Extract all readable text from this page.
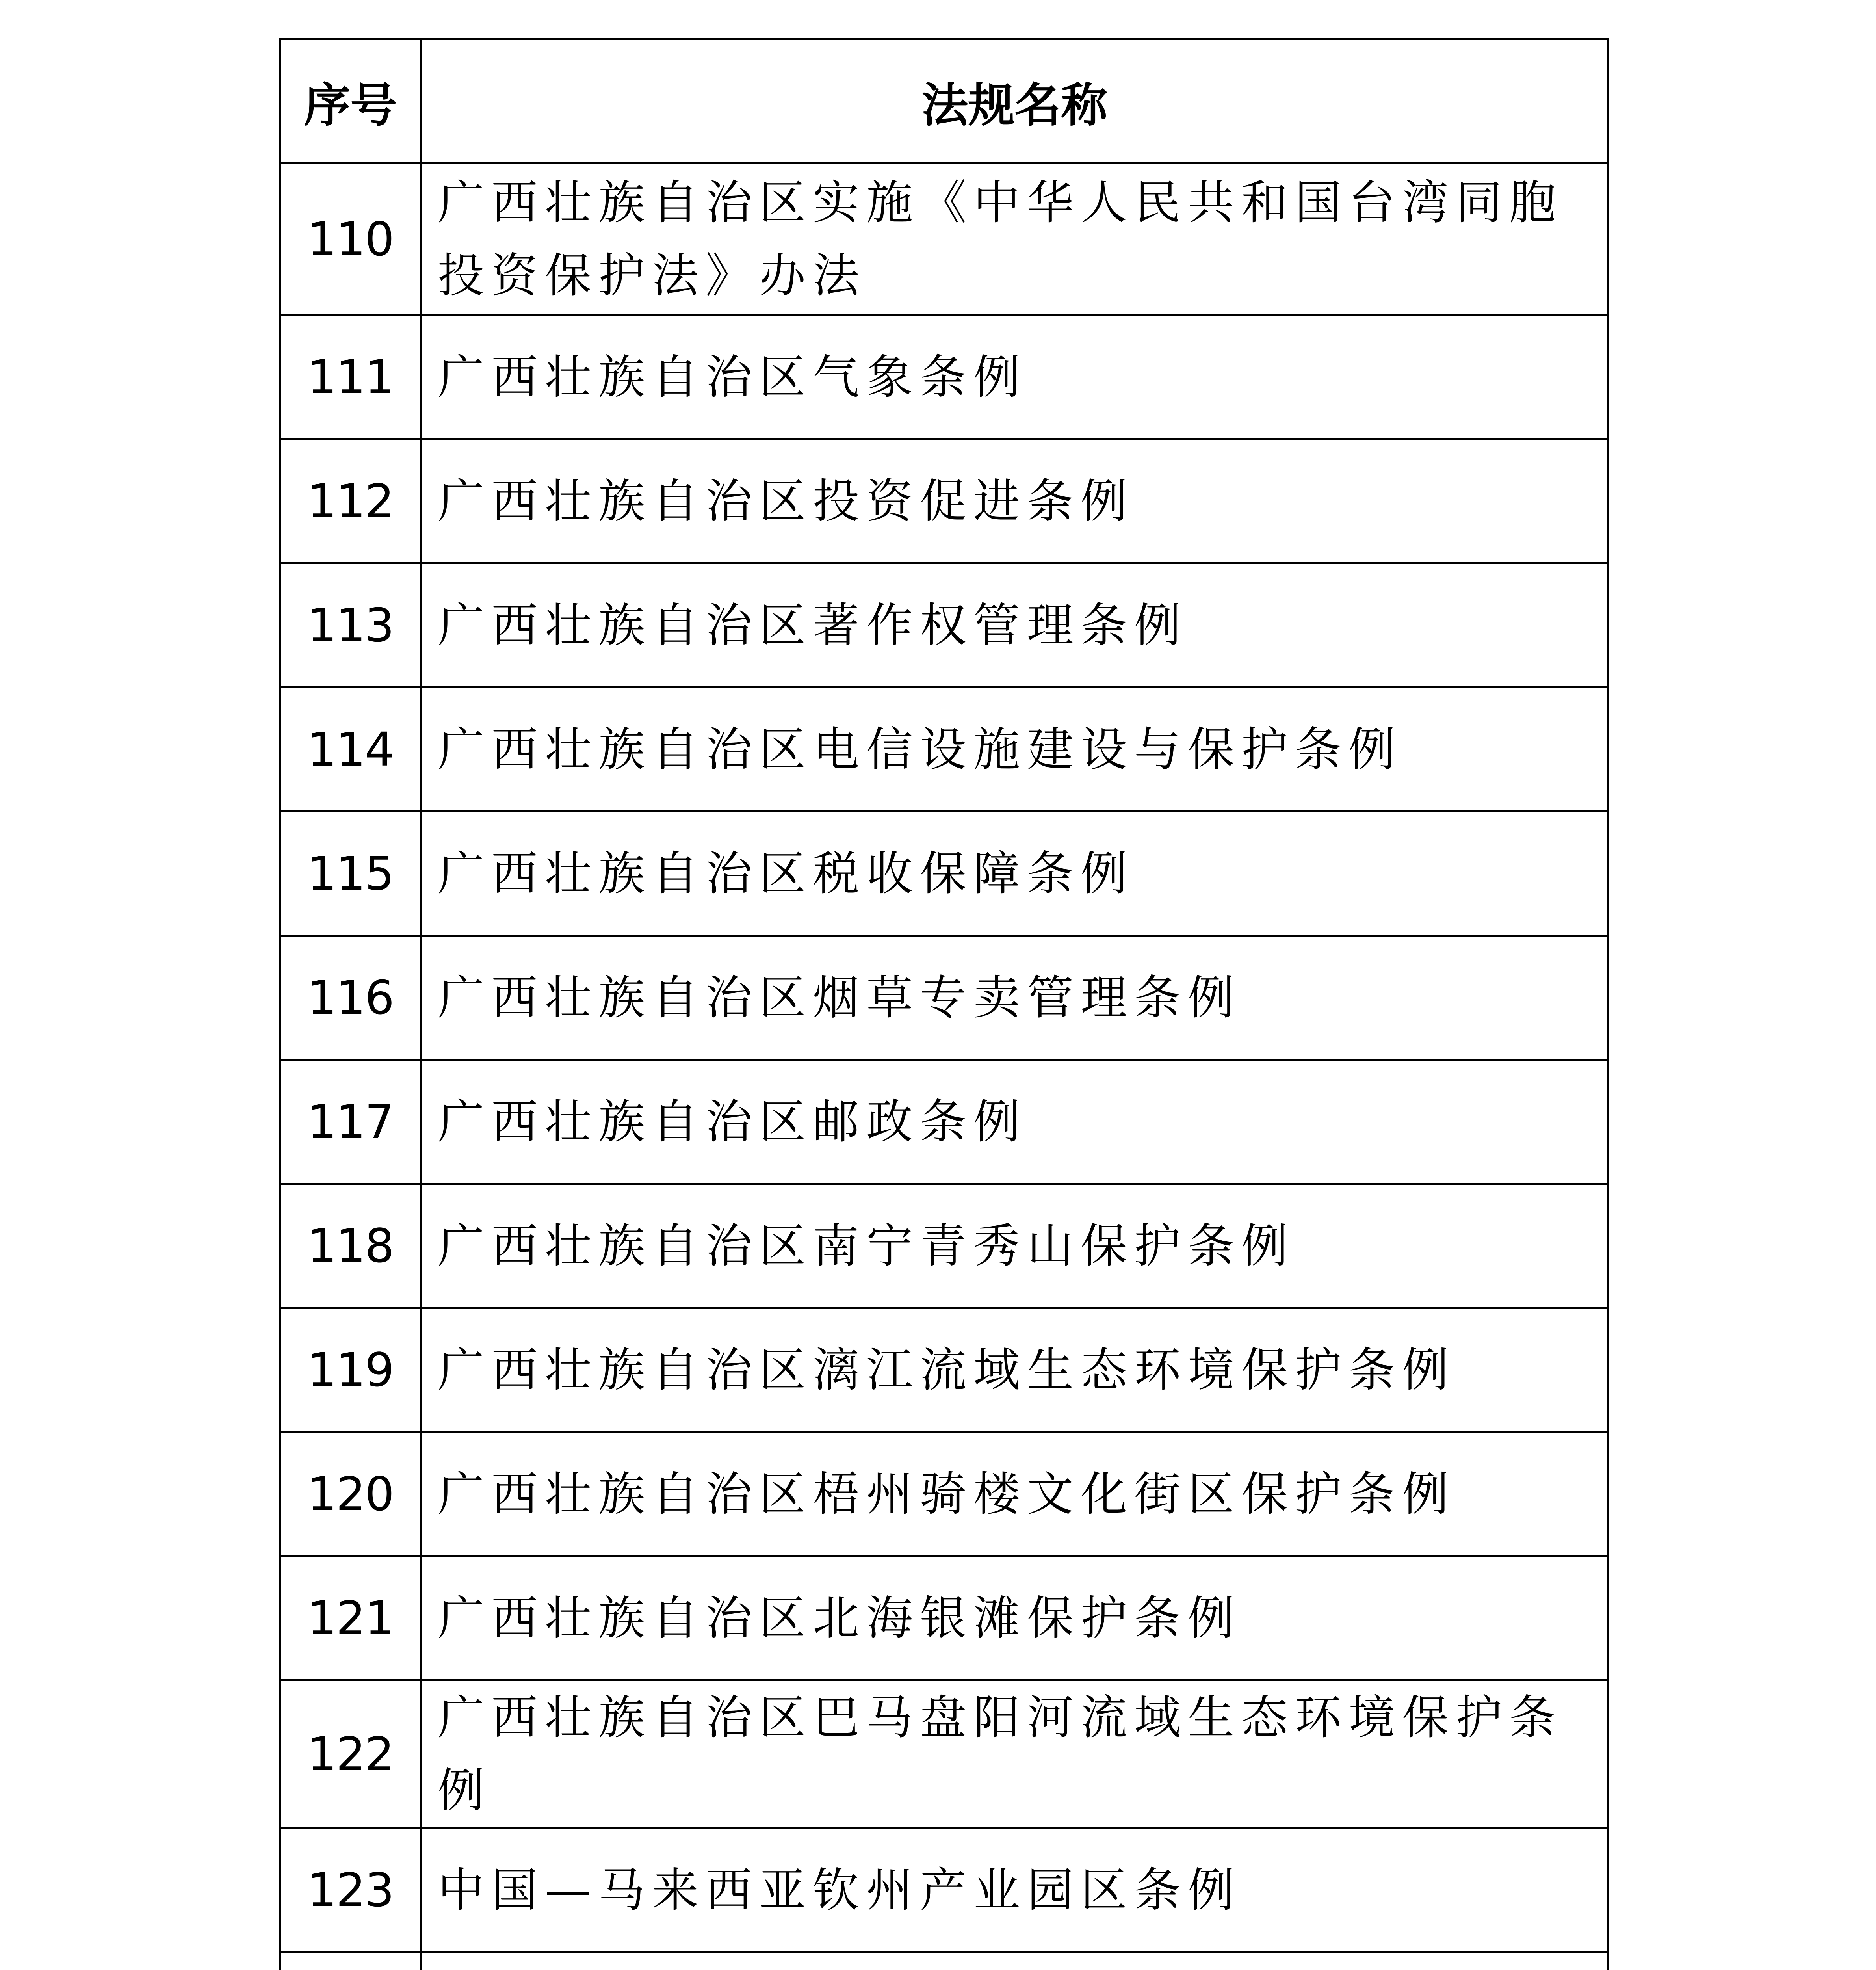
序号	法规名称
110	广西壮族自治区实施《中华人民共和国台湾同胞投资保护法》办法
111	广西壮族自治区气象条例
112	广西壮族自治区投资促进条例
113	广西壮族自治区著作权管理条例
114	广西壮族自治区电信设施建设与保护条例
115	广西壮族自治区税收保障条例
116	广西壮族自治区烟草专卖管理条例
117	广西壮族自治区邮政条例
118	广西壮族自治区南宁青秀山保护条例
119	广西壮族自治区漓江流域生态环境保护条例
120	广西壮族自治区梧州骑楼文化街区保护条例
121	广西壮族自治区北海银滩保护条例
122	广西壮族自治区巴马盘阳河流域生态环境保护条例
123	中国—马来西亚钦州产业园区条例
